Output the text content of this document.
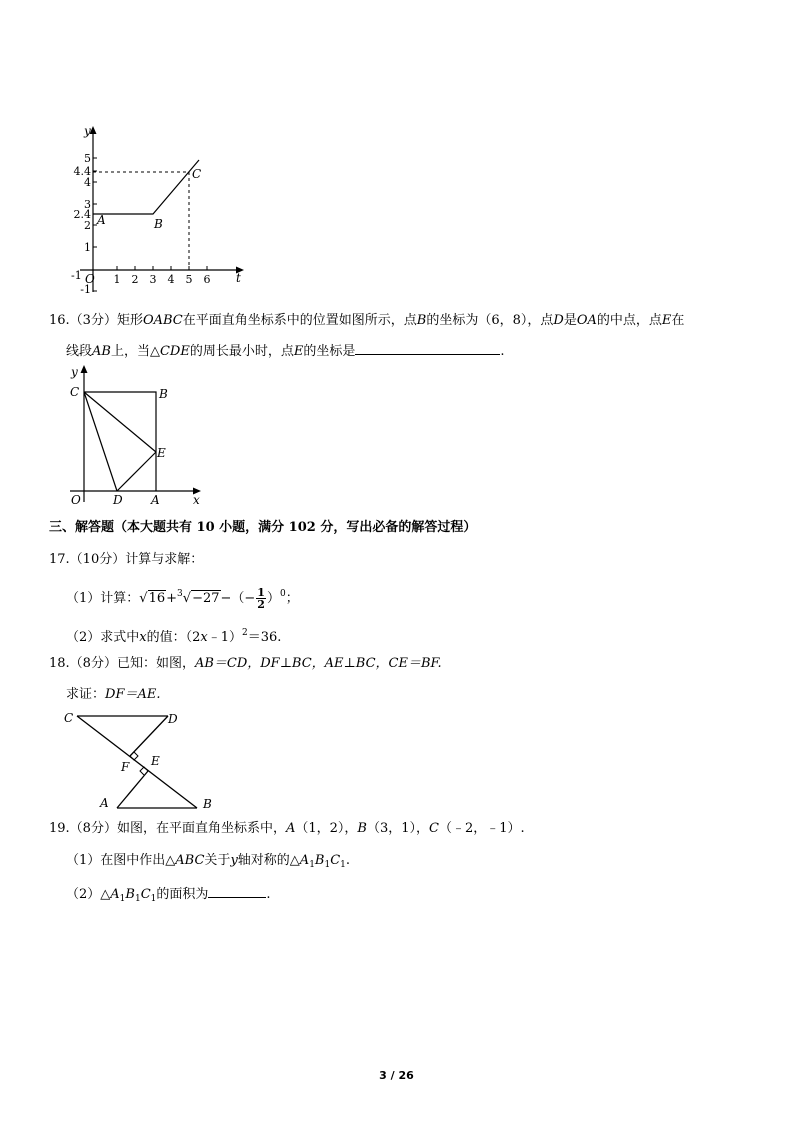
y
t
5
4.4
4
3
2.4
2
1
-1
1 2 3 4 5 6
-1 O
A	B
C
16.（3分）矩形OABC在平面直角坐标系中的位置如图所示，点B的坐标为（6，8），点D是OA的中点，点E在
线段AB上，当△CDE的周长最小时，点E的坐标是	.
y
x
C	B
E
O	D A
三、解答题（本大题共有 10 小题，满分 102 分，写出必备的解答过程）
17.（10分）计算与求解：
（1）计算：$√16+^3√-27-(- \frac{1}{2} )^0$；
（2）求式中x的值：（2x﹣1）$^2$＝36.
18.（8分）已知：如图，AB＝CD，DF⊥BC，AE⊥BC，CE＝BF.
求证：DF＝AE.
C	D
F E
A	B
19.（8分）如图，在平面直角坐标系中，A（1，2），B（3，1），C（﹣2，﹣1）.
（1）在图中作出△ABC关于y轴对称的$\triangle A_1B_1C_1$.
$(2)\triangle A_1B_1C_1$的面积为	.
3 / 26
